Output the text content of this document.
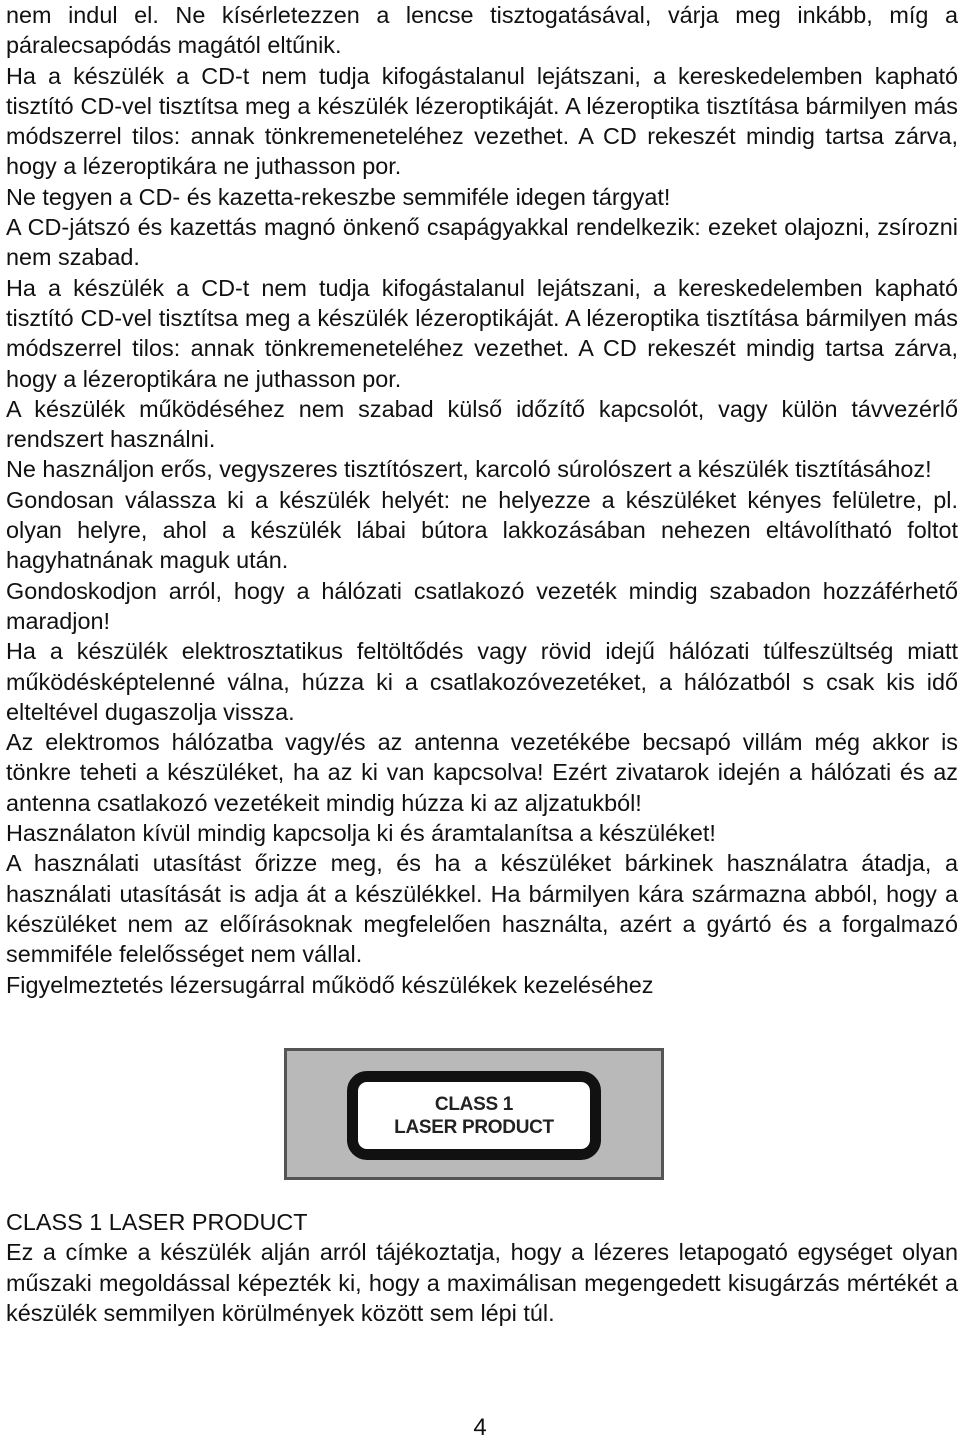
nem indul el. Ne kísérletezzen a lencse tisztogatásával, várja meg inkább, míg a páralecsapódás magától eltűnik.

Ha a készülék a CD-t nem tudja kifogástalanul lejátszani, a kereskedelemben kapható tisztító CD-vel tisztítsa meg a készülék lézeroptikáját. A lézeroptika tisztítása bármilyen más módszerrel tilos: annak tönkremeneteléhez vezethet. A CD rekeszét mindig tartsa zárva, hogy a lézeroptikára ne juthasson por.

Ne tegyen a CD- és kazetta-rekeszbe semmiféle idegen tárgyat!

A CD-játszó és kazettás magnó önkenő csapágyakkal rendelkezik: ezeket olajozni, zsírozni nem szabad.

Ha a készülék a CD-t nem tudja kifogástalanul lejátszani, a kereskedelemben kapható tisztító CD-vel tisztítsa meg a készülék lézeroptikáját. A lézeroptika tisztítása bármilyen más módszerrel tilos: annak tönkremeneteléhez vezethet. A CD rekeszét mindig tartsa zárva, hogy a lézeroptikára ne juthasson por.

A készülék működéséhez nem szabad külső időzítő kapcsolót, vagy külön távvezérlő rendszert használni.

Ne használjon erős, vegyszeres tisztítószert, karcoló súrolószert a készülék tisztításához!

Gondosan válassza ki a készülék helyét: ne helyezze a készüléket kényes felületre, pl. olyan helyre, ahol a készülék lábai bútora lakkozásában nehezen eltávolítható foltot hagyhatnának maguk után.

Gondoskodjon arról, hogy a hálózati csatlakozó vezeték mindig szabadon hozzáférhető maradjon!

Ha a készülék elektrosztatikus feltöltődés vagy rövid idejű hálózati túlfeszültség miatt működésképtelenné válna, húzza ki a csatlakozóvezetéket, a hálózatból s csak kis idő elteltével dugaszolja vissza.

Az elektromos hálózatba vagy/és az antenna vezetékébe becsapó villám még akkor is tönkre teheti a készüléket, ha az ki van kapcsolva! Ezért zivatarok idején a hálózati és az antenna csatlakozó vezetékeit mindig húzza ki az aljzatukból!

Használaton kívül mindig kapcsolja ki és áramtalanítsa a készüléket!

A használati utasítást őrizze meg, és ha a készüléket bárkinek használatra átadja, a használati utasítását is adja át a készülékkel. Ha bármilyen kára származna abból, hogy a készüléket nem az előírásoknak megfelelően használta, azért a gyártó és a forgalmazó semmiféle felelősséget nem vállal.

Figyelmeztetés lézersugárral működő készülékek kezeléséhez

CLASS 1
LASER PRODUCT

CLASS 1 LASER PRODUCT

Ez a címke a készülék alján arról tájékoztatja, hogy a lézeres letapogató egységet olyan műszaki megoldással képezték ki, hogy a maximálisan megengedett kisugárzás mértékét a készülék semmilyen körülmények között sem lépi túl.

4
